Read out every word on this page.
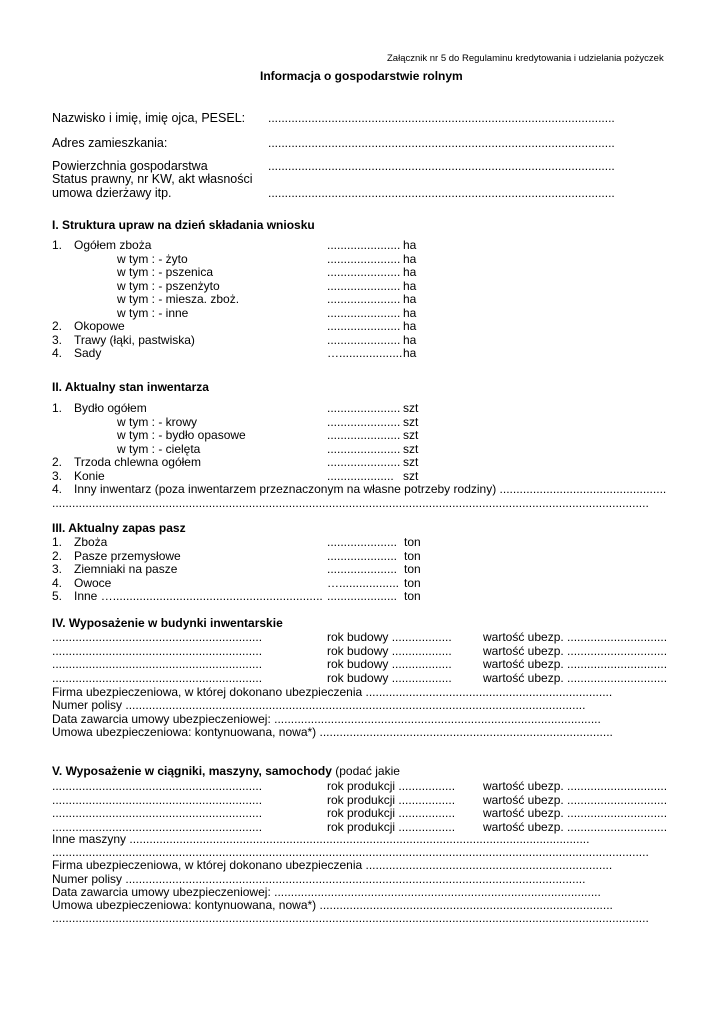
Załącznik nr 5 do Regulaminu kredytowania i udzielania pożyczek
Informacja o gospodarstwie rolnym
Nazwisko i imię, imię ojca, PESEL: ........................................................................................................
Adres zamieszkania:	........................................................................................................
Powierzchnia gospodarstwa	........................................................................................................
Status prawny, nr KW, akt własności
umowa dzierżawy itp.	........................................................................................................
I. Struktura upraw na dzień składania wniosku
1. Ogółem zboża	...................... ha
w tym : - żyto	...................... ha
w tym : - pszenica	...................... ha
w tym : - pszenżyto	...................... ha
w tym : - miesza. zboż.	...................... ha
w tym : - inne	...................... ha
2. Okopowe	...................... ha
3. Trawy (łąki, pastwiska)	...................... ha
4. Sady	…................... ha
II. Aktualny stan inwentarza
1. Bydło ogółem	...................... szt
w tym : - krowy	...................... szt
w tym : - bydło opasowe	...................... szt
w tym : - cielęta	...................... szt
2. Trzoda chlewna ogółem	...................... szt
3. Konie	.................... szt
4. Inny inwentarz (poza inwentarzem przeznaczonym na własne potrzeby rodziny) ..................................................
...................................................................................................................................................................................
III. Aktualny zapas pasz
1. Zboża	..................... ton
2. Pasze przemysłowe	..................... ton
3. Ziemniaki na pasze	..................... ton
4. Owoce	….................. ton
5. Inne …............................................................... ..................... ton
IV. Wyposażenie w budynki inwentarskie
...............................................................	rok budowy ..................	wartość ubezp. ..............................
...............................................................	rok budowy ..................	wartość ubezp. ..............................
...............................................................	rok budowy ..................	wartość ubezp. ..............................
...............................................................	rok budowy ..................	wartość ubezp. ..............................
Firma ubezpieczeniowa, w której dokonano ubezpieczenia ..........................................................................
Numer polisy ..........................................................................................................................................
Data zawarcia umowy ubezpieczeniowej: ..................................................................................................
Umowa ubezpieczeniowa: kontynuowana, nowa*) ........................................................................................
V. Wyposażenie w ciągniki, maszyny, samochody (podać jakie
...............................................................	rok produkcji ................. wartość ubezp. ..............................
...............................................................	rok produkcji ................. wartość ubezp. ..............................
...............................................................	rok produkcji ................. wartość ubezp. ..............................
...............................................................	rok produkcji ................. wartość ubezp. ..............................
Inne maszyny ..........................................................................................................................................
...................................................................................................................................................................................
Firma ubezpieczeniowa, w której dokonano ubezpieczenia ..........................................................................
Numer polisy ..........................................................................................................................................
Data zawarcia umowy ubezpieczeniowej: ..................................................................................................
Umowa ubezpieczeniowa: kontynuowana, nowa*) ........................................................................................
...................................................................................................................................................................................
